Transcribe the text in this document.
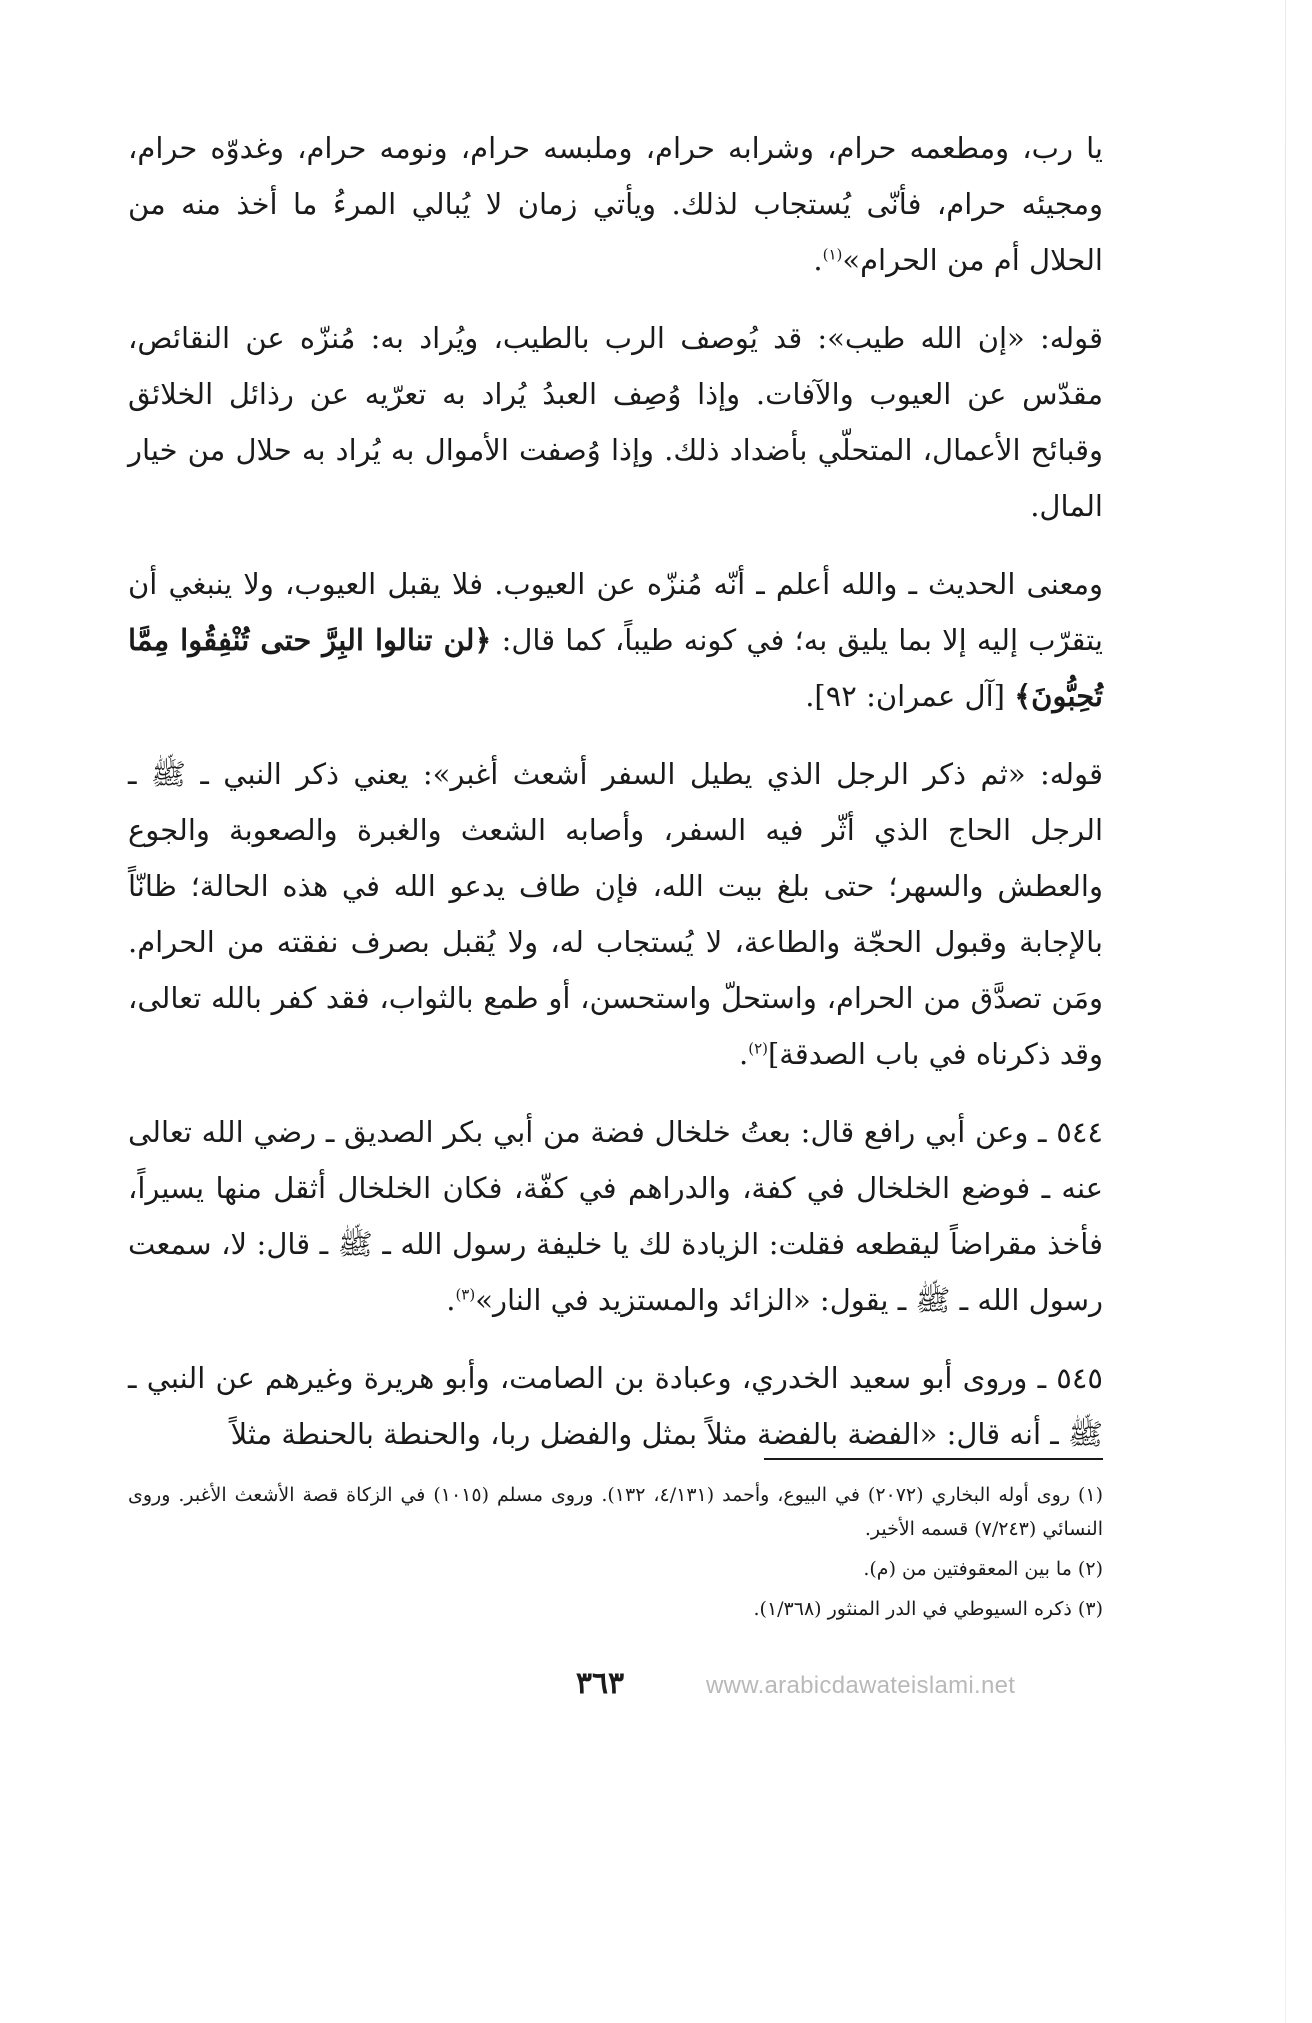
يا رب، ومطعمه حرام، وشرابه حرام، وملبسه حرام، ونومه حرام، وغدوّه حرام، ومجيئه حرام، فأنّى يُستجاب لذلك. ويأتي زمان لا يُبالي المرءُ ما أخذ منه من الحلال أم من الحرام»$^{(١)}$.

قوله: «إن الله طيب»: قد يُوصف الرب بالطيب، ويُراد به: مُنزّه عن النقائص، مقدّس عن العيوب والآفات. وإذا وُصِف العبدُ يُراد به تعرّيه عن رذائل الخلائق وقبائح الأعمال، المتحلّي بأضداد ذلك. وإذا وُصفت الأموال به يُراد به حلال من خيار المال.

ومعنى الحديث ـ والله أعلم ـ أنّه مُنزّه عن العيوب. فلا يقبل العيوب، ولا ينبغي أن يتقرّب إليه إلا بما يليق به؛ في كونه طيباً، كما قال: ﴿لن تنالوا البِرَّ حتى تُنْفِقُوا مِمَّا تُحِبُّونَ﴾ [آل عمران: ٩٢].

قوله: «ثم ذكر الرجل الذي يطيل السفر أشعث أغبر»: يعني ذكر النبي ـ ﷺ ـ الرجل الحاج الذي أثّر فيه السفر، وأصابه الشعث والغبرة والصعوبة والجوع والعطش والسهر؛ حتى بلغ بيت الله، فإن طاف يدعو الله في هذه الحالة؛ ظانّاً بالإجابة وقبول الحجّة والطاعة، لا يُستجاب له، ولا يُقبل بصرف نفقته من الحرام. ومَن تصدَّق من الحرام، واستحلّ واستحسن، أو طمع بالثواب، فقد كفر بالله تعالى، وقد ذكرناه في باب الصدقة]$^{(٢)}$.

٥٤٤ ـ وعن أبي رافع قال: بعتُ خلخال فضة من أبي بكر الصديق ـ رضي الله تعالى عنه ـ فوضع الخلخال في كفة، والدراهم في كفّة، فكان الخلخال أثقل منها يسيراً، فأخذ مقراضاً ليقطعه فقلت: الزيادة لك يا خليفة رسول الله ـ ﷺ ـ قال: لا، سمعت رسول الله ـ ﷺ ـ يقول: «الزائد والمستزيد في النار»$^{(٣)}$.

٥٤٥ ـ وروى أبو سعيد الخدري، وعبادة بن الصامت، وأبو هريرة وغيرهم عن النبي ـ ﷺ ـ أنه قال: «الفضة بالفضة مثلاً بمثل والفضل ربا، والحنطة بالحنطة مثلاً

(١) روى أوله البخاري (٢٠٧٢) في البيوع، وأحمد (٤/١٣١، ١٣٢). وروى مسلم (١٠١٥) في الزكاة قصة الأشعث الأغبر. وروى النسائي (٧/٢٤٣) قسمه الأخير.

(٢) ما بين المعقوفتين من (م).

(٣) ذكره السيوطي في الدر المنثور (١/٣٦٨).

٣٦٣	www.arabicdawateislami.net
